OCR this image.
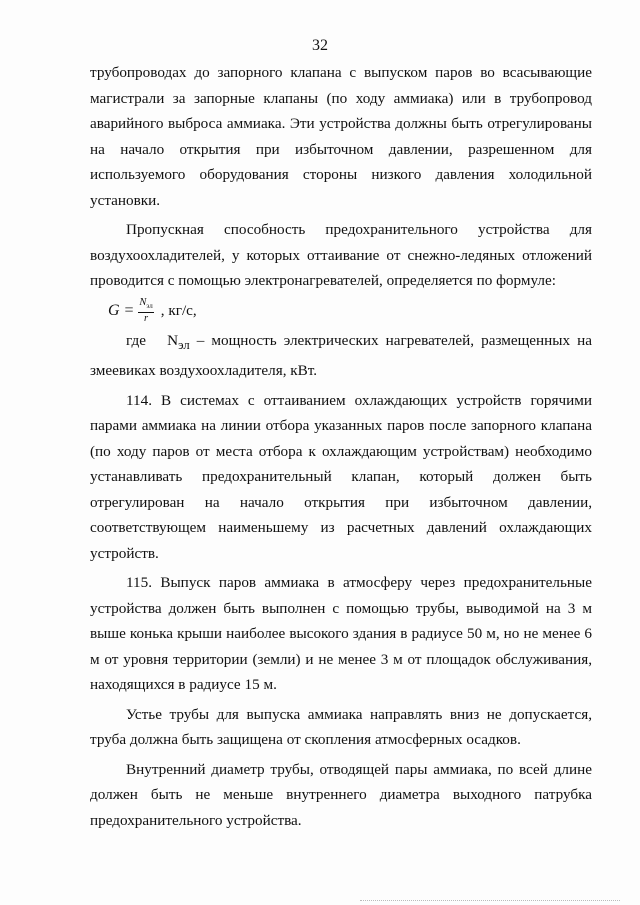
32

трубопроводах до запорного клапана с выпуском паров во всасывающие магистрали за запорные клапаны (по ходу аммиака) или в трубопровод аварийного выброса аммиака. Эти устройства должны быть отрегулированы на начало открытия при избыточном давлении, разрешенном для используемого оборудования стороны низкого давления холодильной установки.

Пропускная способность предохранительного устройства для воздухоохладителей, у которых оттаивание от снежно-ледяных отложений проводится с помощью электронагревателей, определяется по формуле:

$G = \frac{N_{эл}}{r}$ , кг/с,

где $N_{эл}$ – мощность электрических нагревателей, размещенных на змеевиках воздухоохладителя, кВт.

114. В системах с оттаиванием охлаждающих устройств горячими парами аммиака на линии отбора указанных паров после запорного клапана (по ходу паров от места отбора к охлаждающим устройствам) необходимо устанавливать предохранительный клапан, который должен быть отрегулирован на начало открытия при избыточном давлении, соответствующем наименьшему из расчетных давлений охлаждающих устройств.

115. Выпуск паров аммиака в атмосферу через предохранительные устройства должен быть выполнен с помощью трубы, выводимой на 3 м выше конька крыши наиболее высокого здания в радиусе 50 м, но не менее 6 м от уровня территории (земли) и не менее 3 м от площадок обслуживания, находящихся в радиусе 15 м.

Устье трубы для выпуска аммиака направлять вниз не допускается, труба должна быть защищена от скопления атмосферных осадков.

Внутренний диаметр трубы, отводящей пары аммиака, по всей длине должен быть не меньше внутреннего диаметра выходного патрубка предохранительного устройства.
